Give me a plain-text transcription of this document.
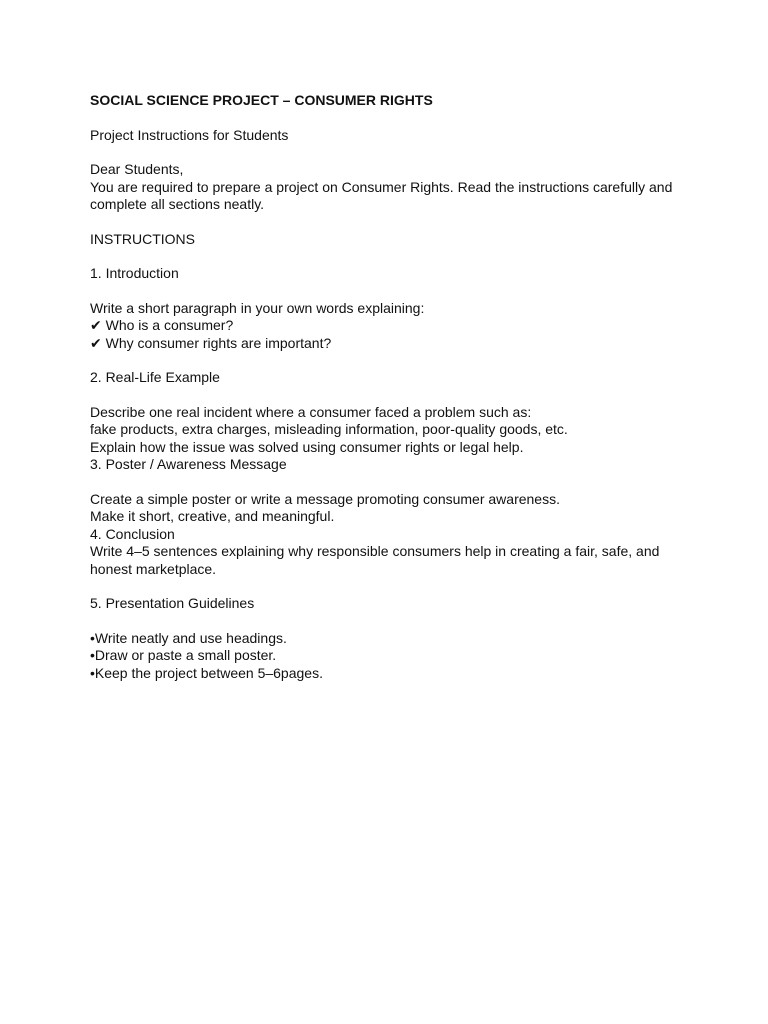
SOCIAL SCIENCE PROJECT – CONSUMER RIGHTS
Project Instructions for Students
Dear Students,
You are required to prepare a project on Consumer Rights. Read the instructions carefully and
complete all sections neatly.
INSTRUCTIONS
1. Introduction
Write a short paragraph in your own words explaining:
✔ Who is a consumer?
✔ Why consumer rights are important?
2. Real-Life Example
Describe one real incident where a consumer faced a problem such as:
fake products, extra charges, misleading information, poor-quality goods, etc.
Explain how the issue was solved using consumer rights or legal help.
3. Poster / Awareness Message
Create a simple poster or write a message promoting consumer awareness.
Make it short, creative, and meaningful.
4. Conclusion
Write 4–5 sentences explaining why responsible consumers help in creating a fair, safe, and
honest marketplace.
5. Presentation Guidelines
•Write neatly and use headings.
•Draw or paste a small poster.
•Keep the project between 5–6pages.
